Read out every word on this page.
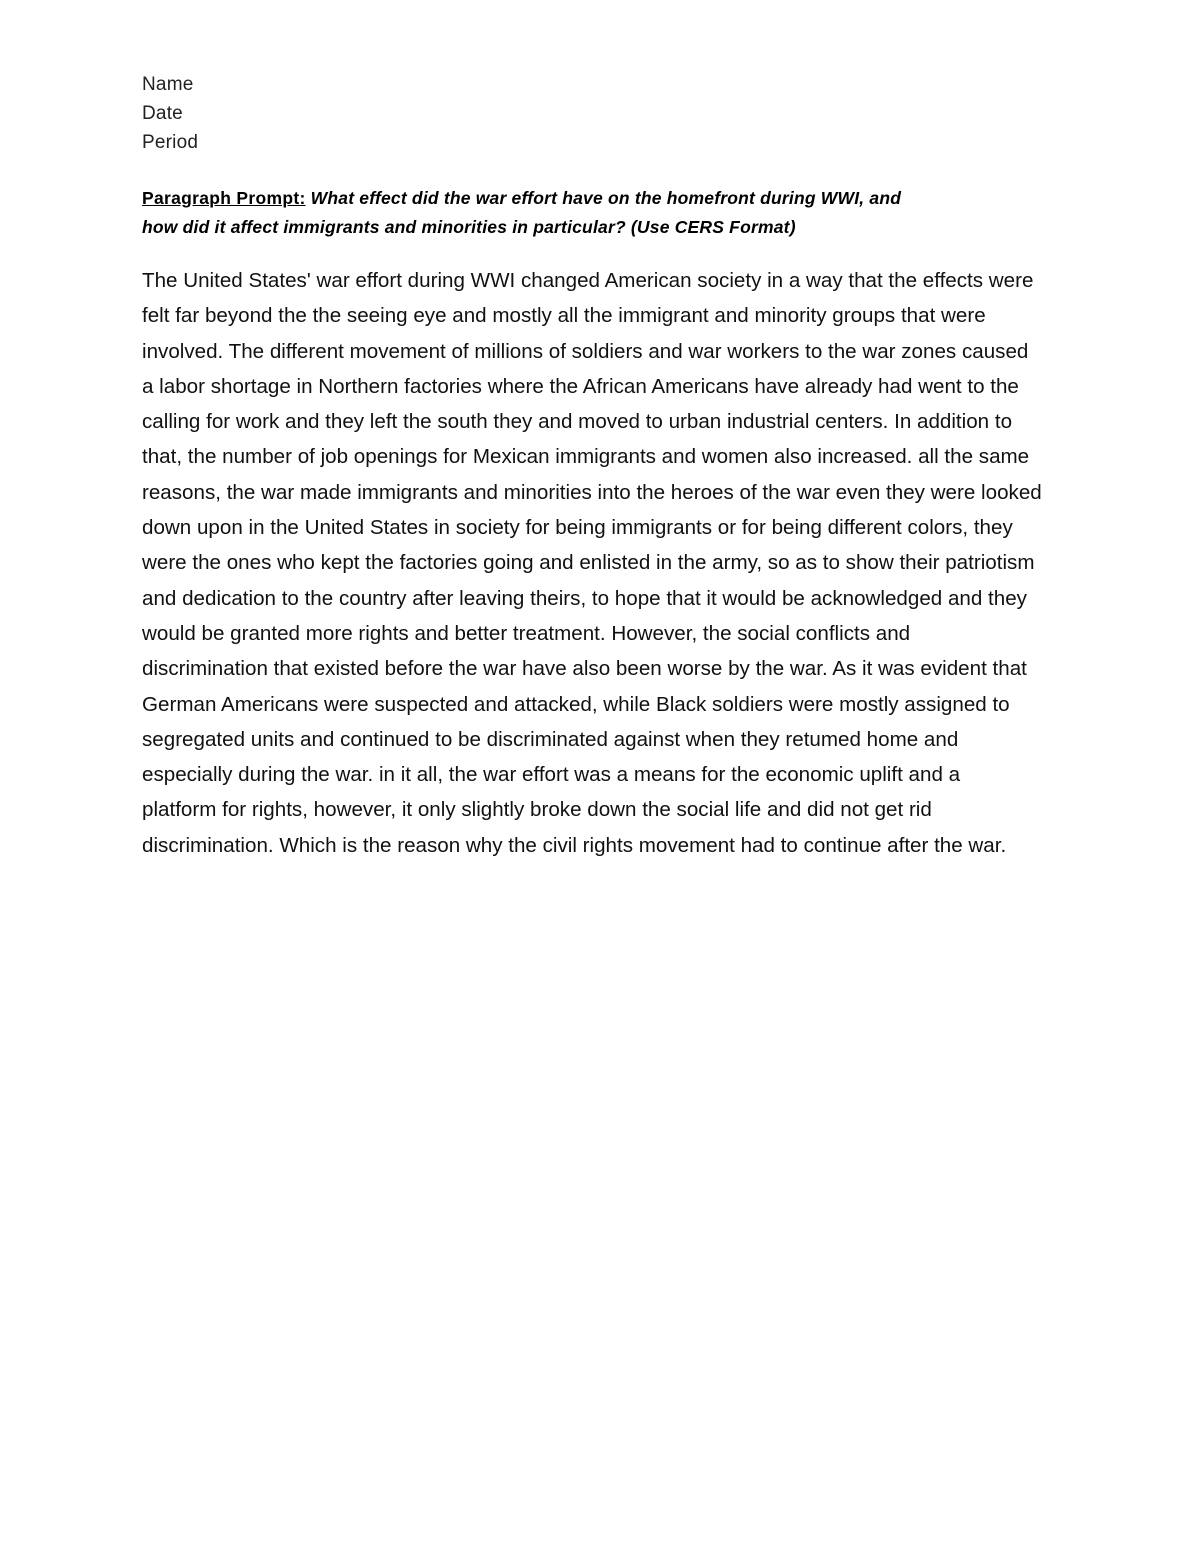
Name
Date
Period
Paragraph Prompt: What effect did the war effort have on the homefront during WWI, and
how did it affect immigrants and minorities in particular? (Use CERS Format)
The United States' war effort during WWI changed American society in a way that the effects were
felt far beyond the the seeing eye and mostly all the immigrant and minority groups that were
involved. The different movement of millions of soldiers and war workers to the war zones caused
a labor shortage in Northern factories where the African Americans have already had went to the
calling for work and they left the south they and moved to urban industrial centers. In addition to
that, the number of job openings for Mexican immigrants and women also increased. all the same
reasons, the war made immigrants and minorities into the heroes of the war even they were looked
down upon in the United States in society for being immigrants or for being different colors, they
were the ones who kept the factories going and enlisted in the army, so as to show their patriotism
and dedication to the country after leaving theirs, to hope that it would be acknowledged and they
would be granted more rights and better treatment. However, the social conflicts and
discrimination that existed before the war have also been worse by the war. As it was evident that
German Americans were suspected and attacked, while Black soldiers were mostly assigned to
segregated units and continued to be discriminated against when they retumed home and
especially during the war. in it all, the war effort was a means for the economic uplift and a
platform for rights, however, it only slightly broke down the social life and did not get rid
discrimination. Which is the reason why the civil rights movement had to continue after the war.
